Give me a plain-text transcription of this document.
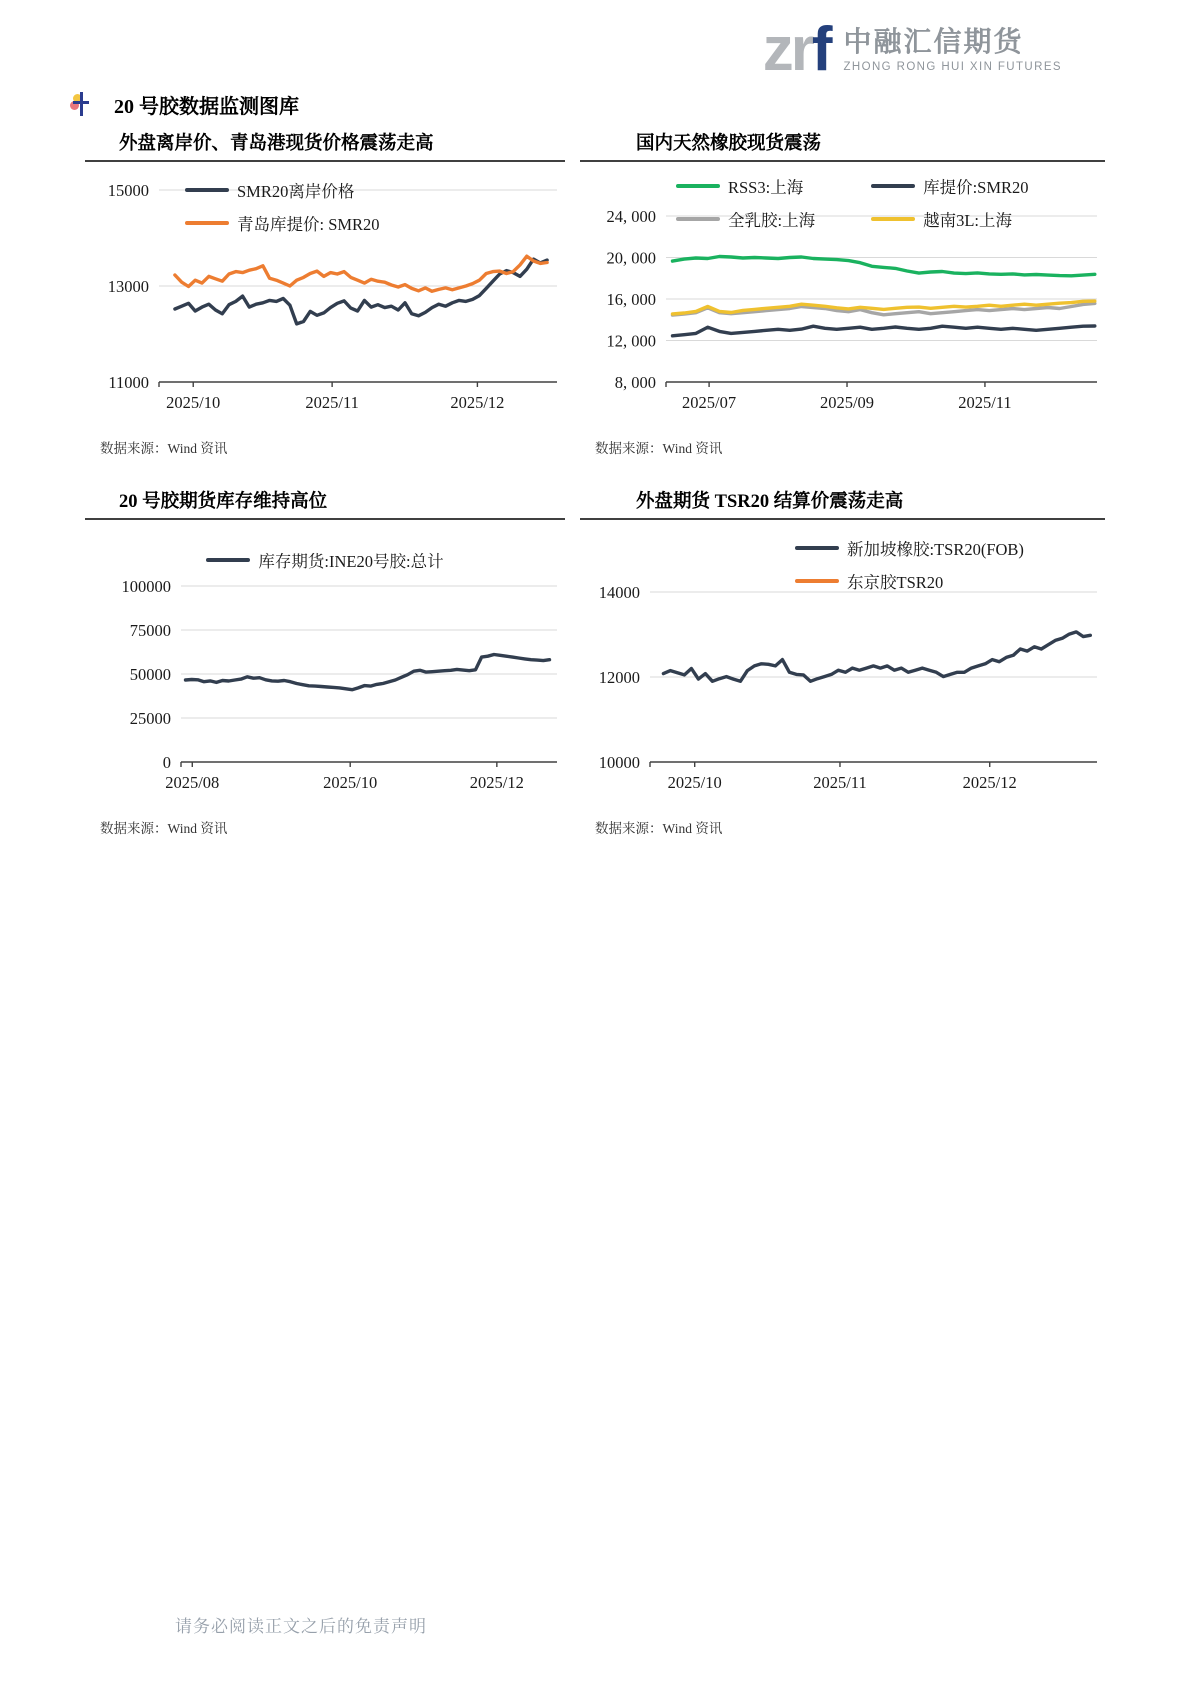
zrf 中融汇信期货
ZHONG RONG HUI XIN FUTURES
20 号胶数据监测图库
外盘离岸价、青岛港现货价格震荡走高
15000
13000
11000
2025/10	2025/11	2025/12
SMR20离岸价格
青岛库提价: SMR20
数据来源：Wind 资讯
国内天然橡胶现货震荡
24, 000
20, 000
16, 000
12, 000
8, 000
2025/07	2025/09	2025/11
RSS3:上海	库提价:SMR20
全乳胶:上海	越南3L:上海
数据来源：Wind 资讯
20 号胶期货库存维持高位
100000
75000
50000
25000
0
2025/08	2025/10	2025/12
库存期货:INE20号胶:总计
数据来源：Wind 资讯
外盘期货 TSR20 结算价震荡走高
14000
12000
10000
2025/10	2025/11	2025/12
新加坡橡胶:TSR20(FOB)
东京胶TSR20
数据来源：Wind 资讯
请务必阅读正文之后的免责声明
